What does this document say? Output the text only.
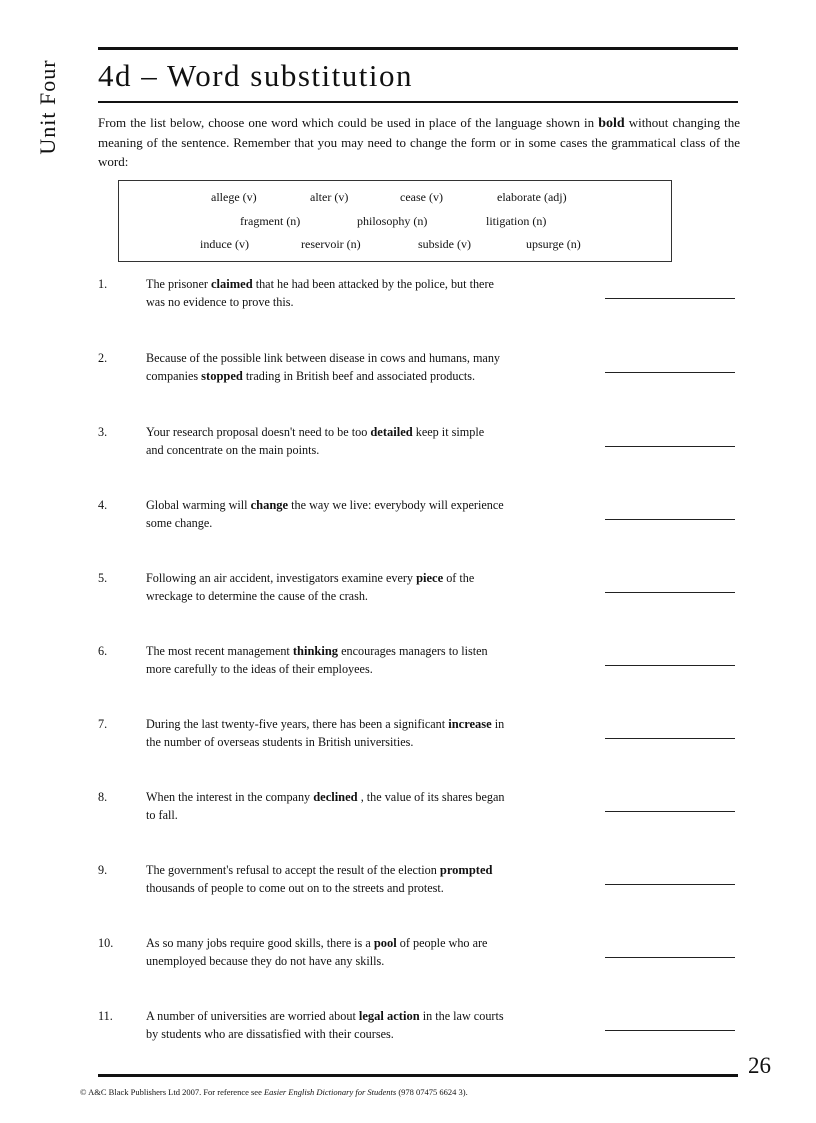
Unit Four 4d – Word substitution
From the list below, choose one word which could be used in place of the language shown in bold without changing the meaning of the sentence. Remember that you may need to change the form or in some cases the grammatical class of the word:
allege (v)	alter (v)	cease (v)	elaborate (adj)
fragment (n)	philosophy (n)	litigation (n)
induce (v)	reservoir (n)	subside (v)	upsurge (n)
1.	The prisoner claimed that he had been attacked by the police, but there
was no evidence to prove this.
2.	Because of the possible link between disease in cows and humans, many
companies stopped trading in British beef and associated products.
3.	Your research proposal doesn't need to be too detailed keep it simple
and concentrate on the main points.
4.	Global warming will change the way we live: everybody will experience
some change.
5.	Following an air accident, investigators examine every piece of the
wreckage to determine the cause of the crash.
6.	The most recent management thinking encourages managers to listen
more carefully to the ideas of their employees.
7.	During the last twenty-five years, there has been a significant increase in
the number of overseas students in British universities.
8.	When the interest in the company declined , the value of its shares began
to fall.
9.	The government's refusal to accept the result of the election prompted
thousands of people to come out on to the streets and protest.
10.	As so many jobs require good skills, there is a pool of people who are
unemployed because they do not have any skills.
11.	A number of universities are worried about legal action in the law courts
by students who are dissatisfied with their courses.
26
© A&C Black Publishers Ltd 2007. For reference see Easier English Dictionary for Students (978 07475 6624 3).
